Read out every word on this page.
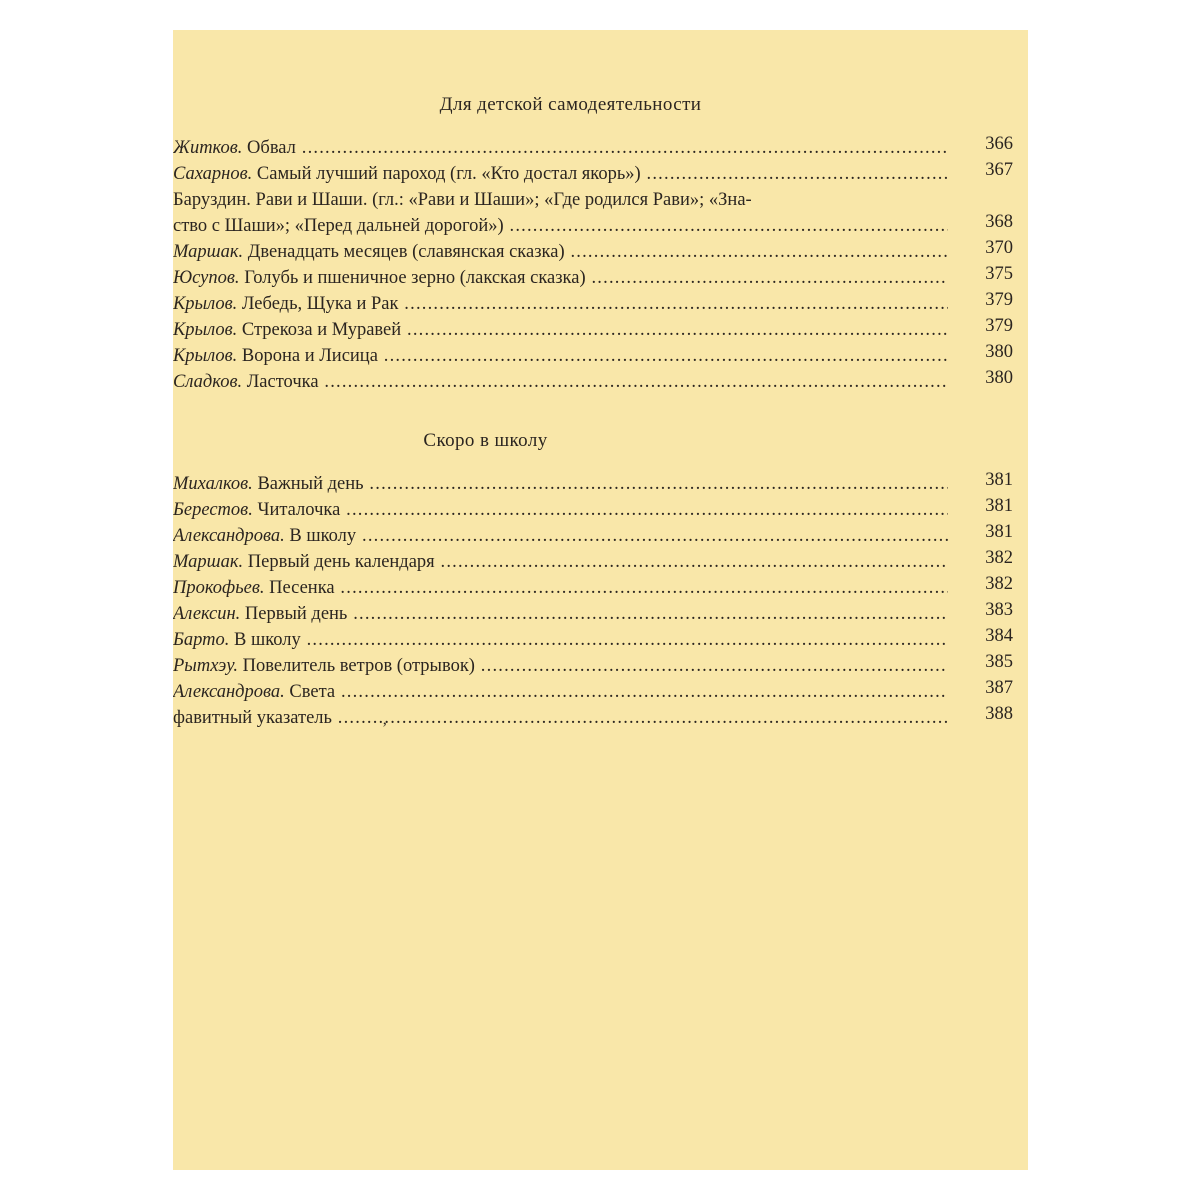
Для детской самодеятельности
Житков. Обвал .....	366
Сахарнов. Самый лучший пароход (гл. «Кто достал якорь») .....	367
Баруздин. Рави и Шаши. (гл.: «Рави и Шаши»; «Где родился Рави»; «Зна-
ство с Шаши»; «Перед дальней дорогой») .....	368
Маршак. Двенадцать месяцев (славянская сказка) .....	370
Юсупов. Голубь и пшеничное зерно (лакская сказка) .....	375
Крылов. Лебедь, Щука и Рак .....	379
Крылов. Стрекоза и Муравей .....	379
Крылов. Ворона и Лисица .....	380
Сладков. Ласточка .....	380
Скоро в школу
Михалков. Важный день .....	381
Берестов. Читалочка .....	381
Александрова. В школу .....	381
Маршак. Первый день календаря .....	382
Прокофьев. Песенка .....	382
Алексин. Первый день .....	383
Барто. В школу .....	384
Рытхэу. Повелитель ветров (отрывок) .....	385
Александрова. Света .....	387
фавитный указатель .....	388
ʼ
